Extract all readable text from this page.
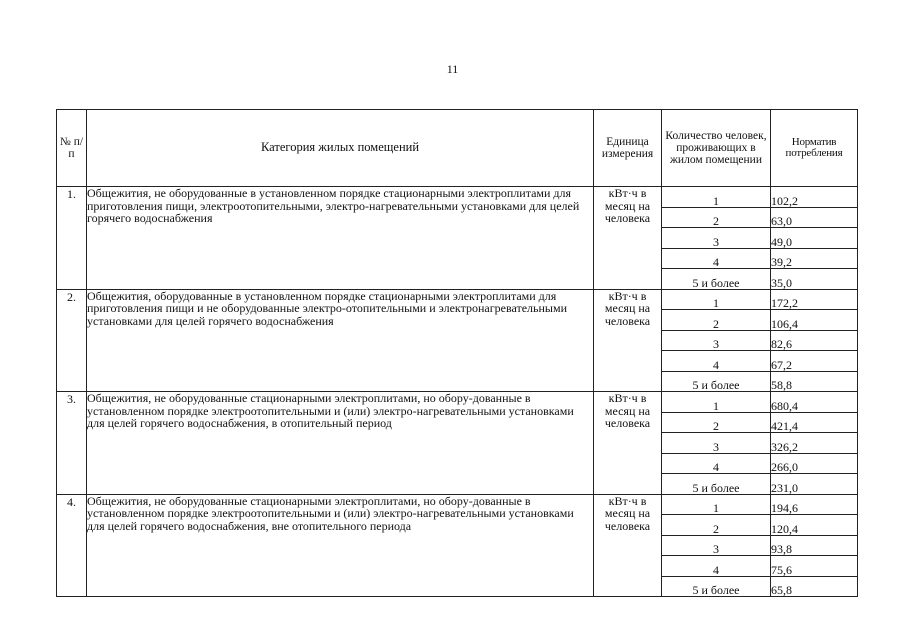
11
№ п/п	Категория жилых помещений	Единица измерения	Количество человек, проживающих в жилом помещении	Норматив потребления
1.	Общежития, не оборудованные в установленном порядке стационарными электроплитами для приготовления пищи, электроотопительными, электро-нагревательными установками для целей горячего водоснабжения	кВт·ч в месяц на человека	1	102,2
			2	63,0
			3	49,0
			4	39,2
			5 и более	35,0
2.	Общежития, оборудованные в установленном порядке стационарными электроплитами для приготовления пищи и не оборудованные электро-отопительными и электронагревательными установками для целей горячего водоснабжения	кВт·ч в месяц на человека	1	172,2
			2	106,4
			3	82,6
			4	67,2
			5 и более	58,8
3.	Общежития, не оборудованные стационарными электроплитами, но обору-дованные в установленном порядке электроотопительными и (или) электро-нагревательными установками для целей горячего водоснабжения, в отопительный период	кВт·ч в месяц на человека	1	680,4
			2	421,4
			3	326,2
			4	266,0
			5 и более	231,0
4.	Общежития, не оборудованные стационарными электроплитами, но обору-дованные в установленном порядке электроотопительными и (или) электро-нагревательными установками для целей горячего водоснабжения, вне отопительного периода	кВт·ч в месяц на человека	1	194,6
			2	120,4
			3	93,8
			4	75,6
			5 и более	65,8
